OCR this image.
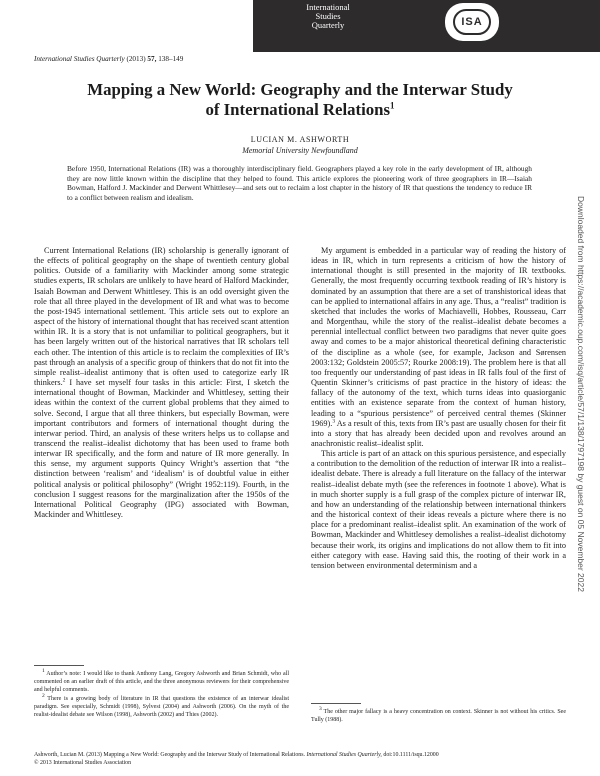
International
Studies
Quarterly	ISA
International Studies Quarterly (2013) 57, 138–149
Mapping a New World: Geography and the Interwar Study
of International Relations$^1$
LUCIAN M. ASHWORTH
Memorial University Newfoundland
Before 1950, International Relations (IR) was a thoroughly interdisciplinary field. Geographers played a key role in the early development of IR, although they are now little known within the discipline that they helped to found. This article explores the pioneering work of three geographers in IR—Isaiah Bowman, Halford J. Mackinder and Derwent Whittlesey—and sets out to reclaim a lost chapter in the history of IR that questions the tendency to reduce IR to a conflict between realism and idealism.

Current International Relations (IR) scholarship is generally ignorant of the effects of political geography on the shape of twentieth century global politics. Outside of a familiarity with Mackinder among some strategic studies experts, IR scholars are unlikely to have heard of Halford Mackinder, Isaiah Bowman and Derwent Whittlesey. This is an odd oversight given the role that all three played in the development of IR and what was to become the post-1945 international settlement. This article sets out to explore an aspect of the history of international thought that has received scant attention within IR. It is a story that is not unfamiliar to political geographers, but it has been largely written out of the historical narratives that IR scholars tell each other. The intention of this article is to reclaim the complexities of IR’s past through an analysis of a specific group of thinkers that do not fit into the simple realist–idealist antimony that is often used to categorize early IR thinkers.$^2$ I have set myself four tasks in this article: First, I sketch the international thought of Bowman, Mackinder and Whittlesey, setting their ideas within the context of the current global problems that they aimed to solve. Second, I argue that all three thinkers, but especially Bowman, were important contributors and formers of international thought during the interwar period. Third, an analysis of these writers helps us to collapse and transcend the realist–idealist dichotomy that has been used to frame both interwar IR specifically, and the form and nature of IR more generally. In this sense, my argument supports Quincy Wright’s assertion that “the distinction between ‘realism’ and ‘idealism’ is of doubtful value in either political analysis or political philosophy” (Wright 1952:119). Fourth, in the conclusion I suggest reasons for the marginalization after the 1950s of the International Political Geography (IPG) associated with Bowman, Mackinder and Whittlesey.

My argument is embedded in a particular way of reading the history of ideas in IR, which in turn represents a criticism of how the history of international thought is still presented in the majority of IR textbooks. Generally, the most frequently occurring textbook reading of IR’s history is dominated by an assumption that there are a set of transhistorical ideas that can be applied to international affairs in any age. Thus, a “realist” tradition is sketched that includes the works of Machiavelli, Hobbes, Rousseau, Carr and Morgenthau, while the story of the realist–idealist debate becomes a perennial intellectual conflict between two paradigms that never quite goes away and comes to be a major ahistorical theoretical defining characteristic of the discipline as a whole (see, for example, Jackson and Sørensen 2003:132; Goldstein 2005:57; Rourke 2008:19). The problem here is that all too frequently our understanding of past ideas in IR falls foul of the first of Quentin Skinner’s criticisms of past practice in the history of ideas: the fallacy of the autonomy of the text, which turns ideas into quasiorganic entities with an existence separate from the context of human history, leading to a “spurious persistence” of perceived central themes (Skinner 1969).$^3$ As a result of this, texts from IR’s past are usually chosen for their fit into a story that has already been decided upon and revolves around an anachronistic realist–idealist split.

This article is part of an attack on this spurious persistence, and especially a contribution to the demolition of the reduction of interwar IR into a realist–idealist debate. There is already a full literature on the fallacy of the interwar realist–idealist debate myth (see the references in footnote 1 above). What is in much shorter supply is a full grasp of the complex picture of interwar IR, and how an understanding of the relationship between international thinkers and the historical context of their ideas reveals a picture where there is no place for a predominant realist–idealist split. An examination of the work of Bowman, Mackinder and Whittlesey demolishes a realist–idealist dichotomy because their work, its origins and implications do not allow them to fit into either category with ease. Having said this, the rooting of their work in a tension between environmental determinism and a

$^1$ Author’s note: I would like to thank Anthony Lang, Gregory Ashworth and Brian Schmidt, who all commented on an earlier draft of this article, and the three anonymous reviewers for their comprehensive and helpful comments.

$^2$ There is a growing body of literature in IR that questions the existence of an interwar idealist paradigm. See especially, Schmidt (1998), Sylvest (2004) and Ashworth (2006). On the myth of the realist-idealist debate see Wilson (1998), Ashworth (2002) and Thies (2002).

$^3$ The other major fallacy is a heavy concentration on context. Skinner is not without his critics. See Tully (1988).

Ashworth, Lucian M. (2013) Mapping a New World: Geography and the Interwar Study of International Relations. International Studies Quarterly, doi:10.1111/isqu.12000
© 2013 International Studies Association
Downloaded from https://academic.oup.com/isq/article/57/1/138/1797198 by guest on 05 November 2022
